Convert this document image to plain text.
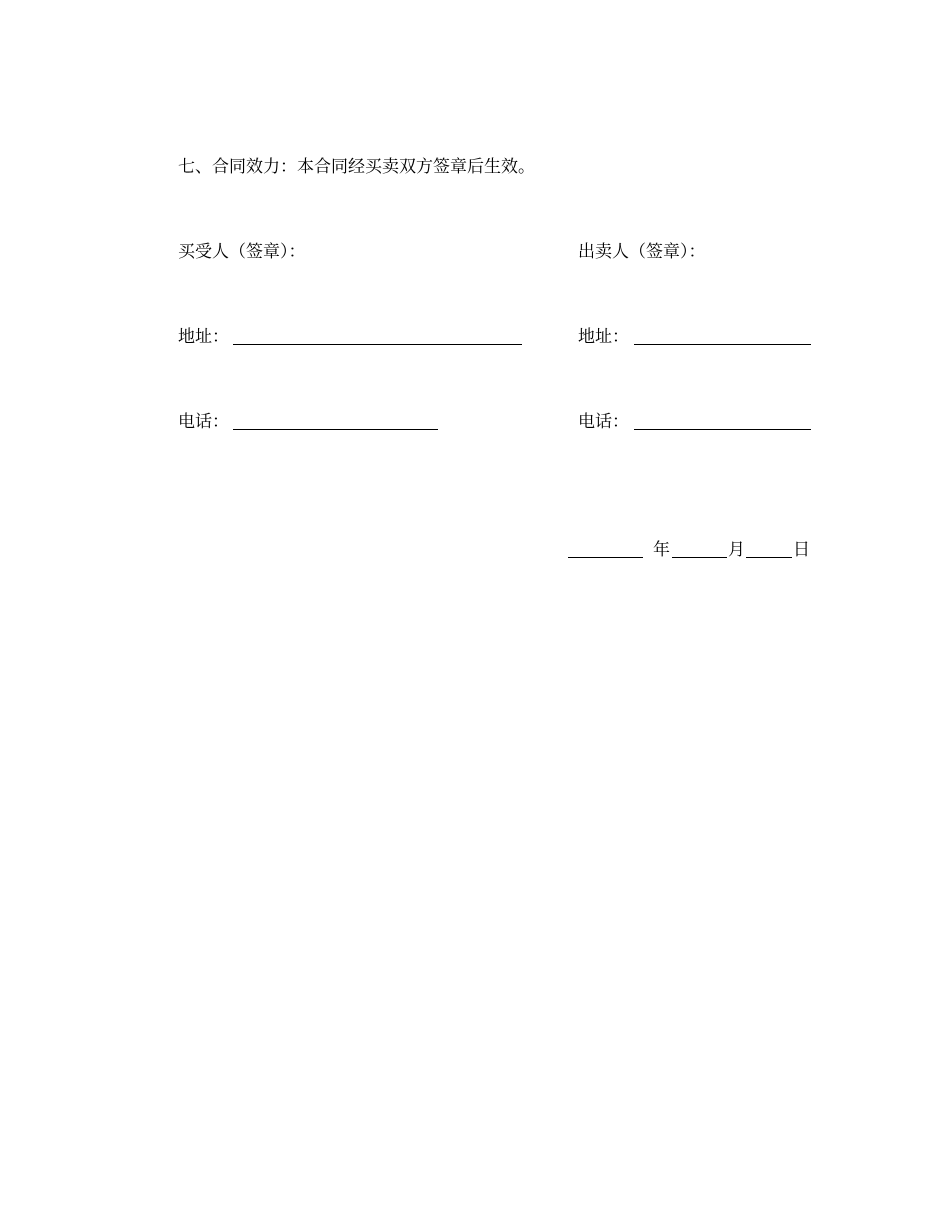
七、合同效力：本合同经买卖双方签章后生效。
买受人（签章）：
地址：
电话：
出卖人（签章）：
地址：
电话：
年	月	日
